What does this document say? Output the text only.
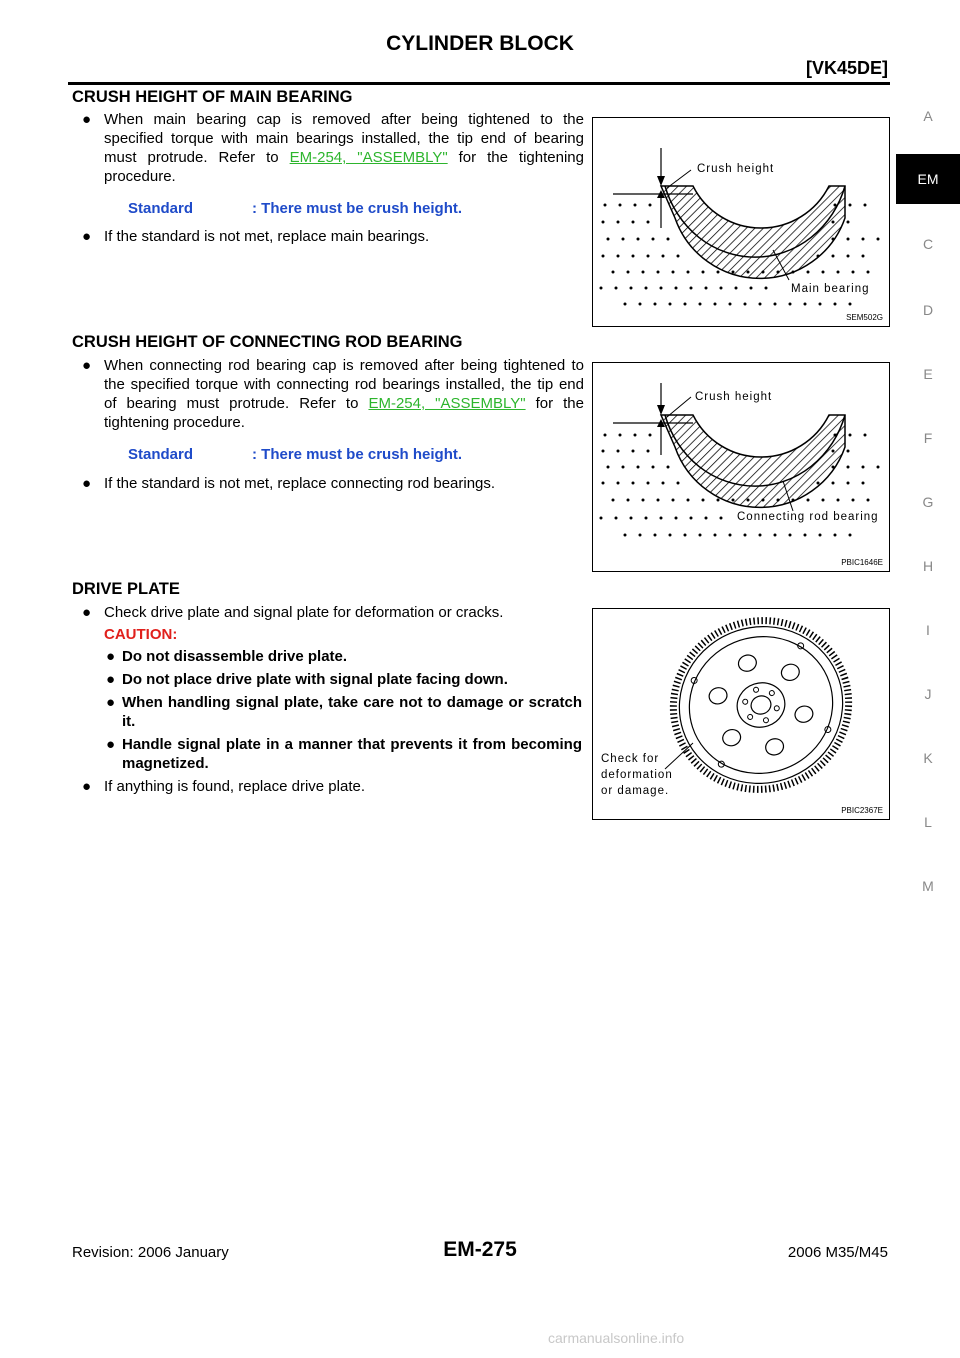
CYLINDER BLOCK
[VK45DE]
CRUSH HEIGHT OF MAIN BEARING
● When main bearing cap is removed after being tightened to the specified torque with main bearings installed, the tip end of bearing must protrude. Refer to EM-254, "ASSEMBLY" for the tightening procedure.
Standard	: There must be crush height.
● If the standard is not met, replace main bearings.
Crush height
Main bearing
SEM502G
CRUSH HEIGHT OF CONNECTING ROD BEARING
● When connecting rod bearing cap is removed after being tightened to the specified torque with connecting rod bearings installed, the tip end of bearing must protrude. Refer to EM-254, "ASSEMBLY" for the tightening procedure.
Standard	: There must be crush height.
● If the standard is not met, replace connecting rod bearings.
Crush height
Connecting rod bearing
PBIC1646E
DRIVE PLATE
● Check drive plate and signal plate for deformation or cracks.
CAUTION:
● Do not disassemble drive plate.
● Do not place drive plate with signal plate facing down.
● When handling signal plate, take care not to damage or scratch it.
● Handle signal plate in a manner that prevents it from becoming magnetized.
● If anything is found, replace drive plate.
Check for
deformation
or damage.
PBIC2367E
A
EM
C
D
E
F
G
H
I
J
K
L
M
Revision: 2006 January	EM-275	2006 M35/M45
carmanualsonline.info
